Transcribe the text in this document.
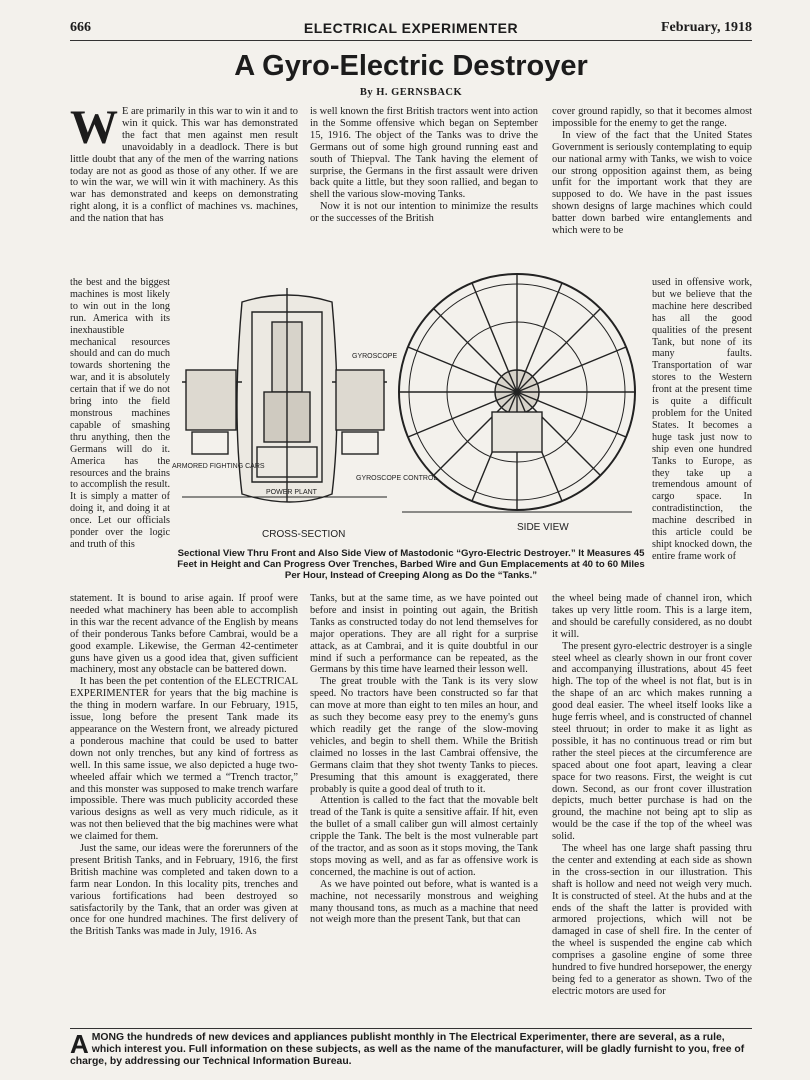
666	ELECTRICAL EXPERIMENTER	February, 1918
A Gyro-Electric Destroyer
By H. GERNSBACK
W E are primarily in this war to win it and to win it quick. This war has demonstrated the fact that men against men result unavoidably in a deadlock. There is but little doubt that any of the men of the warring nations today are not as good as those of any other. If we are to win the war, we will win it with machinery. As this war has demonstrated and keeps on demonstrating right along, it is a conflict of machines vs. machines, and the nation that has
the best and the biggest machines is most likely to win out in the long run. America with its inexhaustible mechanical resources should and can do much towards shortening the war, and it is absolutely certain that if we do not bring into the field monstrous machines capable of smashing thru anything, then the Germans will do it. America has the resources and the brains to accomplish the result. It is simply a matter of doing it, and doing it at once. Let our officials ponder over the logic and truth of this

is well known the first British tractors went into action in the Somme offensive which began on September 15, 1916. The object of the Tanks was to drive the Germans out of some high ground running east and south of Thiepval. The Tank having the element of surprise, the Germans in the first assault were driven back quite a little, but they soon rallied, and began to shell the various slow-moving Tanks.

Now it is not our intention to minimize the results or the successes of the British

cover ground rapidly, so that it becomes almost impossible for the enemy to get the range.

In view of the fact that the United States Government is seriously contemplating to equip our national army with Tanks, we wish to voice our strong opposition against them, as being unfit for the important work that they are supposed to do. We have in the past issues shown designs of large machines which could batter down barbed wire entanglements and which were to be

used in offensive work, but we believe that the machine here described has all the good qualities of the present Tank, but none of its many faults. Transportation of war stores to the Western front at the present time is quite a difficult problem for the United States. It becomes a huge task just now to ship even one hundred Tanks to Europe, as they take up a tremendous amount of cargo space. In contradistinction, the machine described in this article could be shipt knocked down, the entire frame work of
GYROSCOPE
ARMORED FIGHTING CARS
POWER PLANT
GYROSCOPE CONTROL
CROSS-SECTION
SIDE VIEW
Sectional View Thru Front and Also Side View of Mastodonic “Gyro-Electric Destroyer.” It Measures 45 Feet in Height and Can Progress Over Trenches, Barbed Wire and Gun Emplacements at 40 to 60 Miles Per Hour, Instead of Creeping Along as Do the “Tanks.”

statement. It is bound to arise again. If proof were needed what machinery has been able to accomplish in this war the recent advance of the English by means of their ponderous Tanks before Cambrai, would be a good example. Likewise, the German 42-centimeter guns have given us a good idea that, given sufficient machinery, most any obstacle can be battered down.

It has been the pet contention of the ELECTRICAL EXPERIMENTER for years that the big machine is the thing in modern warfare. In our February, 1915, issue, long before the present Tank made its appearance on the Western front, we already pictured a ponderous machine that could be used to batter down not only trenches, but any kind of fortress as well. In this same issue, we also depicted a huge two-wheeled affair which we termed a “Trench tractor,” and this monster was supposed to make trench warfare impossible. There was much publicity accorded these various designs as well as very much ridicule, as it was not then believed that the big machines were what we claimed for them.

Just the same, our ideas were the forerunners of the present British Tanks, and in February, 1916, the first British machine was completed and taken down to a farm near London. In this locality pits, trenches and various fortifications had been destroyed so satisfactorily by the Tank, that an order was given at once for one hundred machines. The first delivery of the British Tanks was made in July, 1916. As

Tanks, but at the same time, as we have pointed out before and insist in pointing out again, the British Tanks as constructed today do not lend themselves for major operations. They are all right for a surprise attack, as at Cambrai, and it is quite doubtful in our mind if such a performance can be repeated, as the Germans by this time have learned their lesson well.

The great trouble with the Tank is its very slow speed. No tractors have been constructed so far that can move at more than eight to ten miles an hour, and as such they become easy prey to the enemy's guns which readily get the range of the slow-moving vehicles, and begin to shell them. While the British claimed no losses in the last Cambrai offensive, the Germans claim that they shot twenty Tanks to pieces. Presuming that this amount is exaggerated, there probably is quite a good deal of truth to it.

Attention is called to the fact that the movable belt tread of the Tank is quite a sensitive affair. If hit, even the bullet of a small caliber gun will almost certainly cripple the Tank. The belt is the most vulnerable part of the tractor, and as soon as it stops moving, the Tank stops moving as well, and as far as offensive work is concerned, the machine is out of action.

As we have pointed out before, what is wanted is a machine, not necessarily monstrous and weighing many thousand tons, as much as a machine that need not weigh more than the present Tank, but that can

the wheel being made of channel iron, which takes up very little room. This is a large item, and should be carefully considered, as no doubt it will.

The present gyro-electric destroyer is a single steel wheel as clearly shown in our front cover and accompanying illustrations, about 45 feet high. The top of the wheel is not flat, but is in the shape of an arc which makes running a good deal easier. The wheel itself looks like a huge ferris wheel, and is constructed of channel steel thruout; in order to make it as light as possible, it has no continuous tread or rim but rather the steel pieces at the circumference are spaced about one foot apart, leaving a clear space for two reasons. First, the weight is cut down. Second, as our front cover illustration depicts, much better purchase is had on the ground, the machine not being apt to slip as would be the case if the top of the wheel was solid.

The wheel has one large shaft passing thru the center and extending at each side as shown in the cross-section in our illustration. This shaft is hollow and need not weigh very much. It is constructed of steel. At the hubs and at the ends of the shaft the latter is provided with armored projections, which will not be damaged in case of shell fire. In the center of the wheel is suspended the engine cab which comprises a gasoline engine of some three hundred to five hundred horsepower, the energy being fed to a generator as shown. Two of the electric motors are used for

A MONG the hundreds of new devices and appliances publisht monthly in The Electrical Experimenter, there are several, as a rule, which interest you. Full information on these subjects, as well as the name of the manufacturer, will be gladly furnisht to you, free of charge, by addressing our Technical Information Bureau.
